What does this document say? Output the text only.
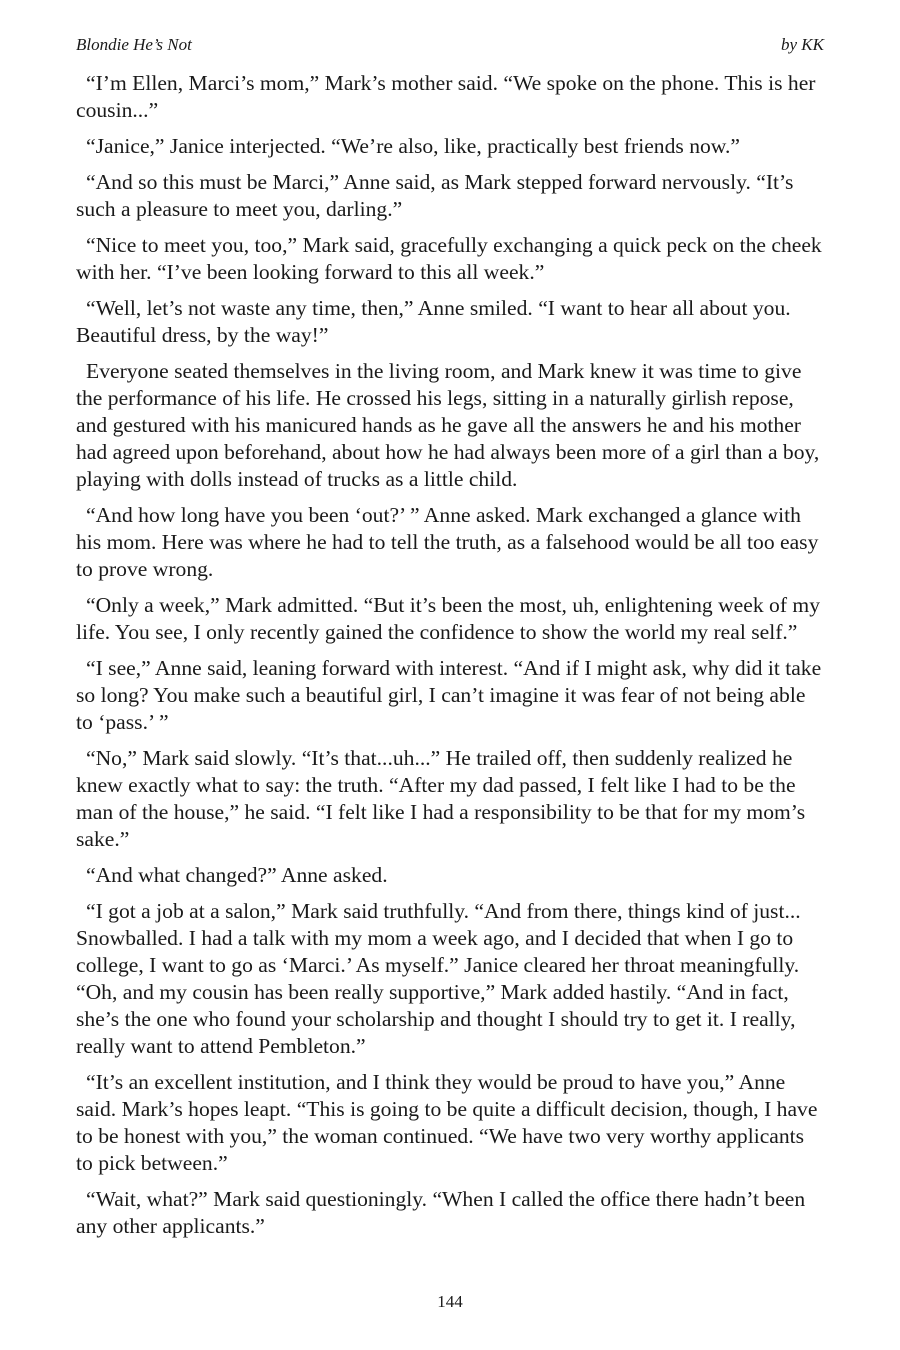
Blondie He’s Not	by KK

“I’m Ellen, Marci’s mom,” Mark’s mother said. “We spoke on the phone. This is her cousin...”

“Janice,” Janice interjected. “We’re also, like, practically best friends now.”

“And so this must be Marci,” Anne said, as Mark stepped forward nervously. “It’s such a pleasure to meet you, darling.”

“Nice to meet you, too,” Mark said, gracefully exchanging a quick peck on the cheek with her. “I’ve been looking forward to this all week.”

“Well, let’s not waste any time, then,” Anne smiled. “I want to hear all about you. Beautiful dress, by the way!”

Everyone seated themselves in the living room, and Mark knew it was time to give the performance of his life. He crossed his legs, sitting in a naturally girlish repose, and gestured with his manicured hands as he gave all the answers he and his mother had agreed upon beforehand, about how he had always been more of a girl than a boy, playing with dolls instead of trucks as a little child.

“And how long have you been ‘out?’ ” Anne asked. Mark exchanged a glance with his mom. Here was where he had to tell the truth, as a falsehood would be all too easy to prove wrong.

“Only a week,” Mark admitted. “But it’s been the most, uh, enlightening week of my life. You see, I only recently gained the confidence to show the world my real self.”

“I see,” Anne said, leaning forward with interest. “And if I might ask, why did it take so long? You make such a beautiful girl, I can’t imagine it was fear of not being able to ‘pass.’ ”

“No,” Mark said slowly. “It’s that...uh...” He trailed off, then suddenly realized he knew exactly what to say: the truth. “After my dad passed, I felt like I had to be the man of the house,” he said. “I felt like I had a responsibility to be that for my mom’s sake.”

“And what changed?” Anne asked.

“I got a job at a salon,” Mark said truthfully. “And from there, things kind of just... Snowballed. I had a talk with my mom a week ago, and I decided that when I go to college, I want to go as ‘Marci.’ As myself.” Janice cleared her throat meaningfully. “Oh, and my cousin has been really supportive,” Mark added hastily. “And in fact, she’s the one who found your scholarship and thought I should try to get it. I really, really want to attend Pembleton.”

“It’s an excellent institution, and I think they would be proud to have you,” Anne said. Mark’s hopes leapt. “This is going to be quite a difficult decision, though, I have to be honest with you,” the woman continued. “We have two very worthy applicants to pick between.”

“Wait, what?” Mark said questioningly. “When I called the office there hadn’t been any other applicants.”

144
